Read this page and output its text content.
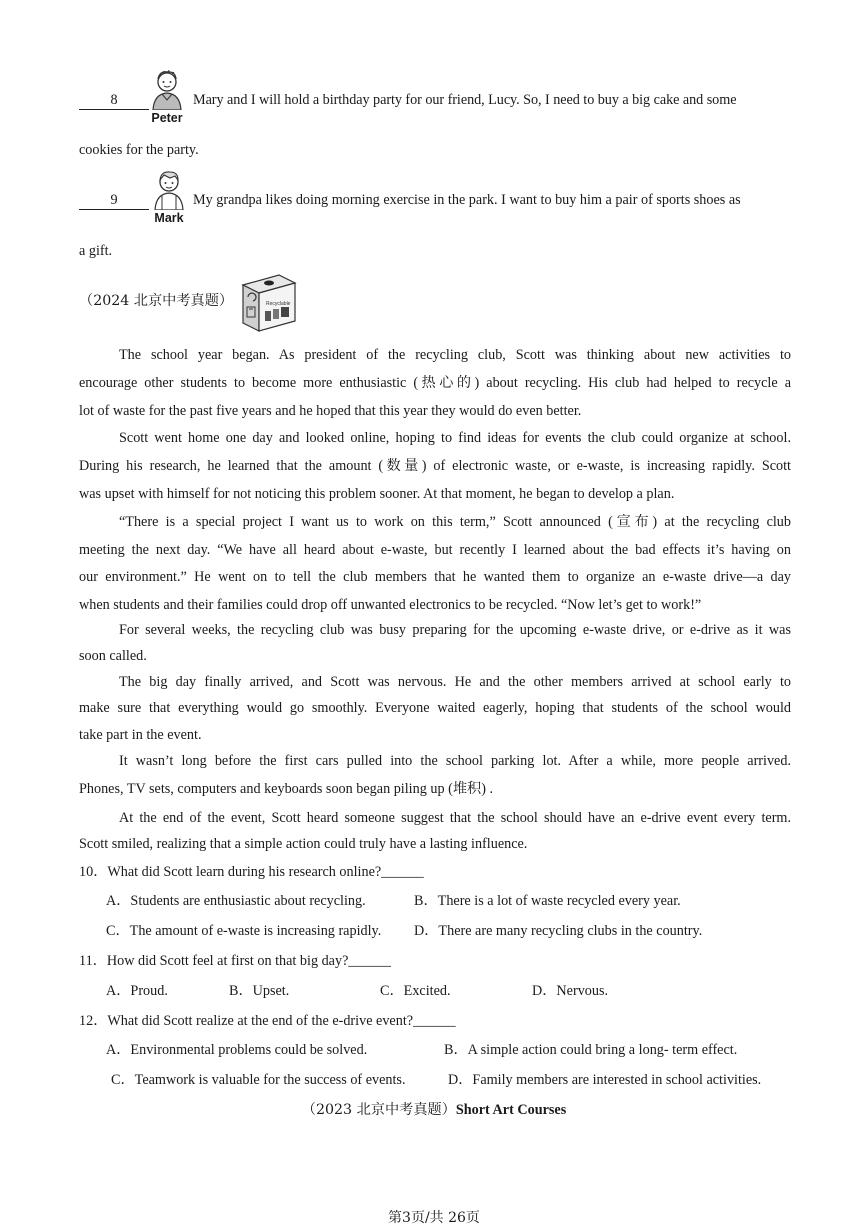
8	Mary and I will hold a birthday party for our friend, Lucy. So, I need to buy a big cake and some
Peter
cookies for the party.
9	My grandpa likes doing morning exercise in the park. I want to buy him a pair of sports shoes as
Mark
a gift.
（2024 北京中考真题）	Recyclable
The school year began. As president of the recycling club, Scott was thinking about new activities to
encourage other students to become more enthusiastic (热心的) about recycling. His club had helped to recycle a
lot of waste for the past five years and he hoped that this year they would do even better.
Scott went home one day and looked online, hoping to find ideas for events the club could organize at school.
During his research, he learned that the amount (数量) of electronic waste, or e-waste, is increasing rapidly. Scott
was upset with himself for not noticing this problem sooner. At that moment, he began to develop a plan.
“There is a special project I want us to work on this term,” Scott announced (宣布) at the recycling club
meeting the next day. “We have all heard about e-waste, but recently I learned about the bad effects it’s having on
our environment.” He went on to tell the club members that he wanted them to organize an e-waste drive—a day
when students and their families could drop off unwanted electronics to be recycled. “Now let’s get to work!”
For several weeks, the recycling club was busy preparing for the upcoming e-waste drive, or e-drive as it was
soon called.
The big day finally arrived, and Scott was nervous. He and the other members arrived at school early to
make sure that everything would go smoothly. Everyone waited eagerly, hoping that students of the school would
take part in the event.
It wasn’t long before the first cars pulled into the school parking lot. After a while, more people arrived.
Phones, TV sets, computers and keyboards soon began piling up (堆积) .
At the end of the event, Scott heard someone suggest that the school should have an e-drive event every term.
Scott smiled, realizing that a simple action could truly have a lasting influence.
10．What did Scott learn during his research online?______
A．Students are enthusiastic about recycling.	B．There is a lot of waste recycled every year.
C．The amount of e-waste is increasing rapidly. D．There are many recycling clubs in the country.
11．How did Scott feel at first on that big day?______
A．Proud.	B．Upset.	C．Excited.	D．Nervous.
12．What did Scott realize at the end of the e-drive event?______
A．Environmental problems could be solved.	B．A simple action could bring a long- term effect.
C．Teamwork is valuable for the success of events.	D．Family members are interested in school activities.
（2023 北京中考真题）Short Art Courses
第3页/共 26页
